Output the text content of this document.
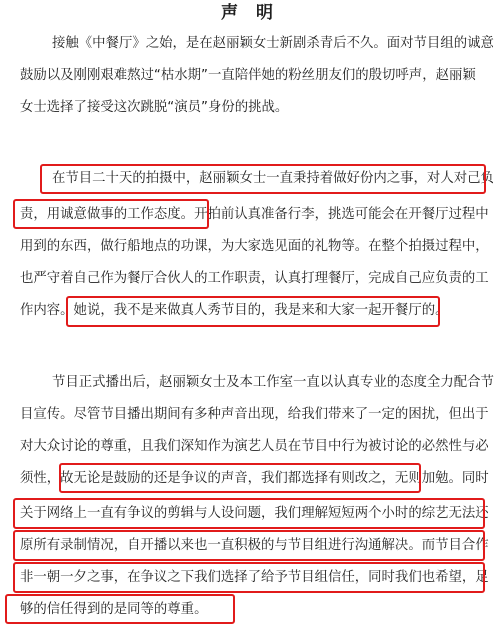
声 明
接触《中餐厅》之始，是在赵丽颖女士新剧杀青后不久。面对节目组的诚意
鼓励以及刚刚艰难熬过“枯水期”一直陪伴她的粉丝朋友们的殷切呼声，赵丽颖
女士选择了接受这次跳脱“演员”身份的挑战。
在节目二十天的拍摄中，赵丽颖女士一直秉持着做好份内之事，对人对己负
责，用诚意做事的工作态度。开拍前认真准备行李，挑选可能会在开餐厅过程中
用到的东西，做行船地点的功课，为大家选见面的礼物等。在整个拍摄过程中，
也严守着自己作为餐厅合伙人的工作职责，认真打理餐厅，完成自己应负责的工
作内容。她说，我不是来做真人秀节目的，我是来和大家一起开餐厅的。
节目正式播出后，赵丽颖女士及本工作室一直以认真专业的态度全力配合节
目宣传。尽管节目播出期间有多种声音出现，给我们带来了一定的困扰，但出于
对大众讨论的尊重，且我们深知作为演艺人员在节目中行为被讨论的必然性与必
须性，故无论是鼓励的还是争议的声音，我们都选择有则改之，无则加勉。同时
关于网络上一直有争议的剪辑与人设问题，我们理解短短两个小时的综艺无法还
原所有录制情况，自开播以来也一直积极的与节目组进行沟通解决。而节目合作
非一朝一夕之事，在争议之下我们选择了给予节目组信任，同时我们也希望，足
够的信任得到的是同等的尊重。
